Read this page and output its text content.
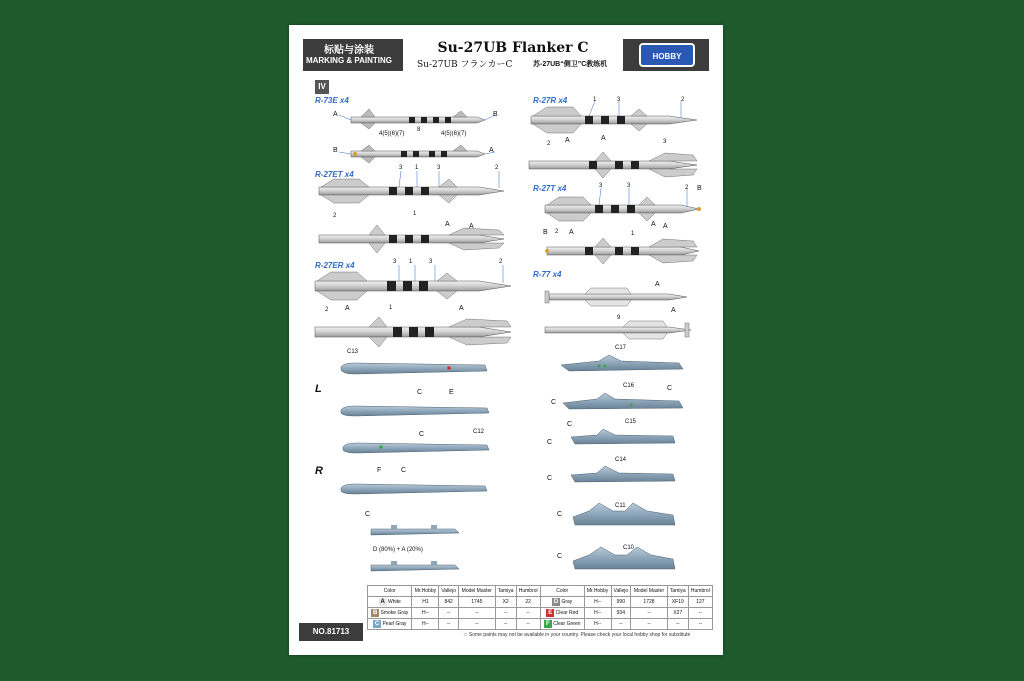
标贴与涂装
MARKING & PAINTING
Su-27UB Flanker C
Su-27UB フランカーC	苏-27UB“侧卫”C教练机
HOBBY BOSS
IV
R-73E x4
R-27ET x4
R-27ER x4
R-27R x4
R-27T x4
R-77 x4
L
R
A	B
4(5)(6)(7)
8
4(5)(6)(7)
B	A
3 1	3	2
2	1
A	A
3 1	3	2
2 A	1	A
1	3	2
A
2 A	3
3	3	2 B
A
B 2 A	1
A
A
9
A
C13
C	E
C	C12
F	C
C
D (80%) + A (20%)
C17
C16	C
C
C	C15
C
C14
C
C11
C
C10
C
Color	Mr.Hobby	Vallejo	Model Master	Tamiya	Humbrol	Color	Mr.Hobby	Vallejo	Model Master	Tamiya	Humbrol
A White	H1	842	1745	X2	22	D Gray	H--	990	1728	XF19	127
B Smoke Gray	H--	--	--	--	--	E Clear Red	H--	934	--	X27	--
C Pearl Gray	H--	--	--	--	--	F Clear Green	H--	--	--	--	--
☆ Some paints may not be available in your country. Please check your local hobby shop for substitute
NO.81713
